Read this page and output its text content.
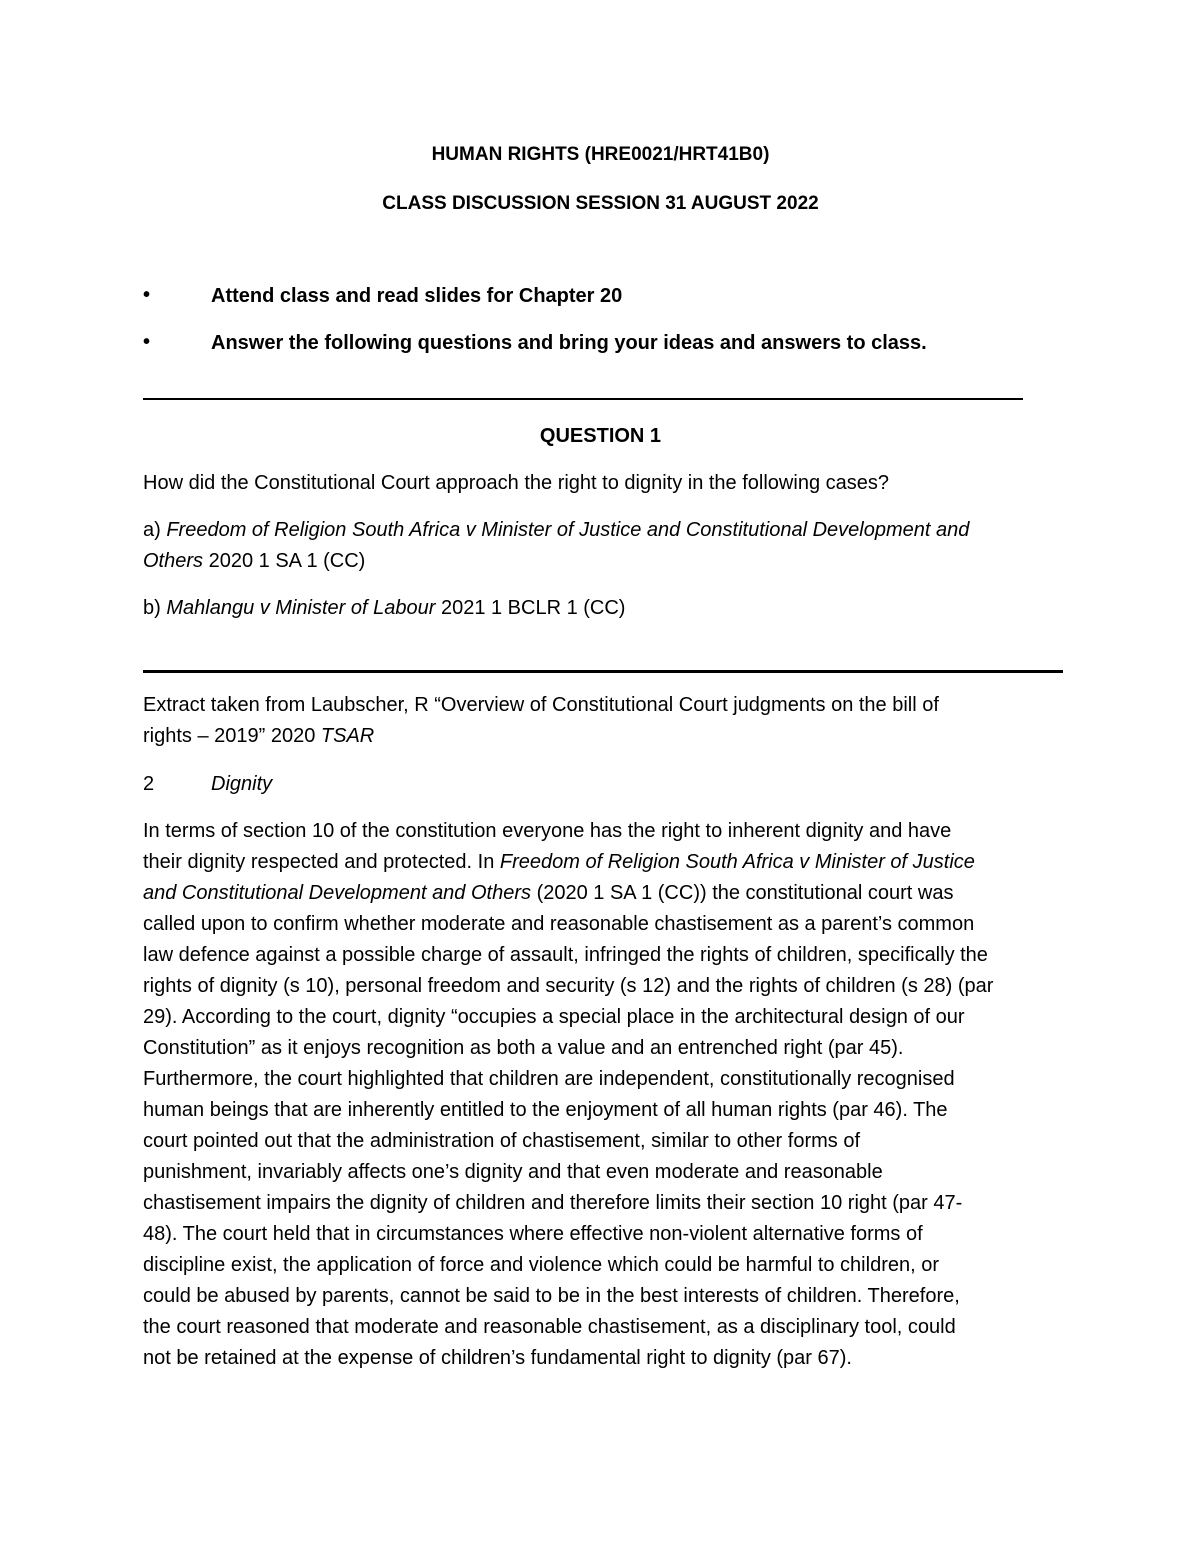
HUMAN RIGHTS (HRE0021/HRT41B0)
CLASS DISCUSSION SESSION 31 AUGUST 2022
•	Attend class and read slides for Chapter 20
•	Answer the following questions and bring your ideas and answers to class.
QUESTION 1
How did the Constitutional Court approach the right to dignity in the following cases?
a) Freedom of Religion South Africa v Minister of Justice and Constitutional Development and
Others 2020 1 SA 1 (CC)
b) Mahlangu v Minister of Labour 2021 1 BCLR 1 (CC)
Extract taken from Laubscher, R “Overview of Constitutional Court judgments on the bill of
rights – 2019” 2020 TSAR
2	Dignity

In terms of section 10 of the constitution everyone has the right to inherent dignity and have

their dignity respected and protected. In Freedom of Religion South Africa v Minister of Justice

and Constitutional Development and Others (2020 1 SA 1 (CC)) the constitutional court was

called upon to confirm whether moderate and reasonable chastisement as a parent’s common

law defence against a possible charge of assault, infringed the rights of children, specifically the

rights of dignity (s 10), personal freedom and security (s 12) and the rights of children (s 28) (par

29). According to the court, dignity “occupies a special place in the architectural design of our

Constitution” as it enjoys recognition as both a value and an entrenched right (par 45).

Furthermore, the court highlighted that children are independent, constitutionally recognised

human beings that are inherently entitled to the enjoyment of all human rights (par 46). The

court pointed out that the administration of chastisement, similar to other forms of

punishment, invariably affects one’s dignity and that even moderate and reasonable

chastisement impairs the dignity of children and therefore limits their section 10 right (par 47-

48). The court held that in circumstances where effective non-violent alternative forms of

discipline exist, the application of force and violence which could be harmful to children, or

could be abused by parents, cannot be said to be in the best interests of children. Therefore,

the court reasoned that moderate and reasonable chastisement, as a disciplinary tool, could

not be retained at the expense of children’s fundamental right to dignity (par 67).
